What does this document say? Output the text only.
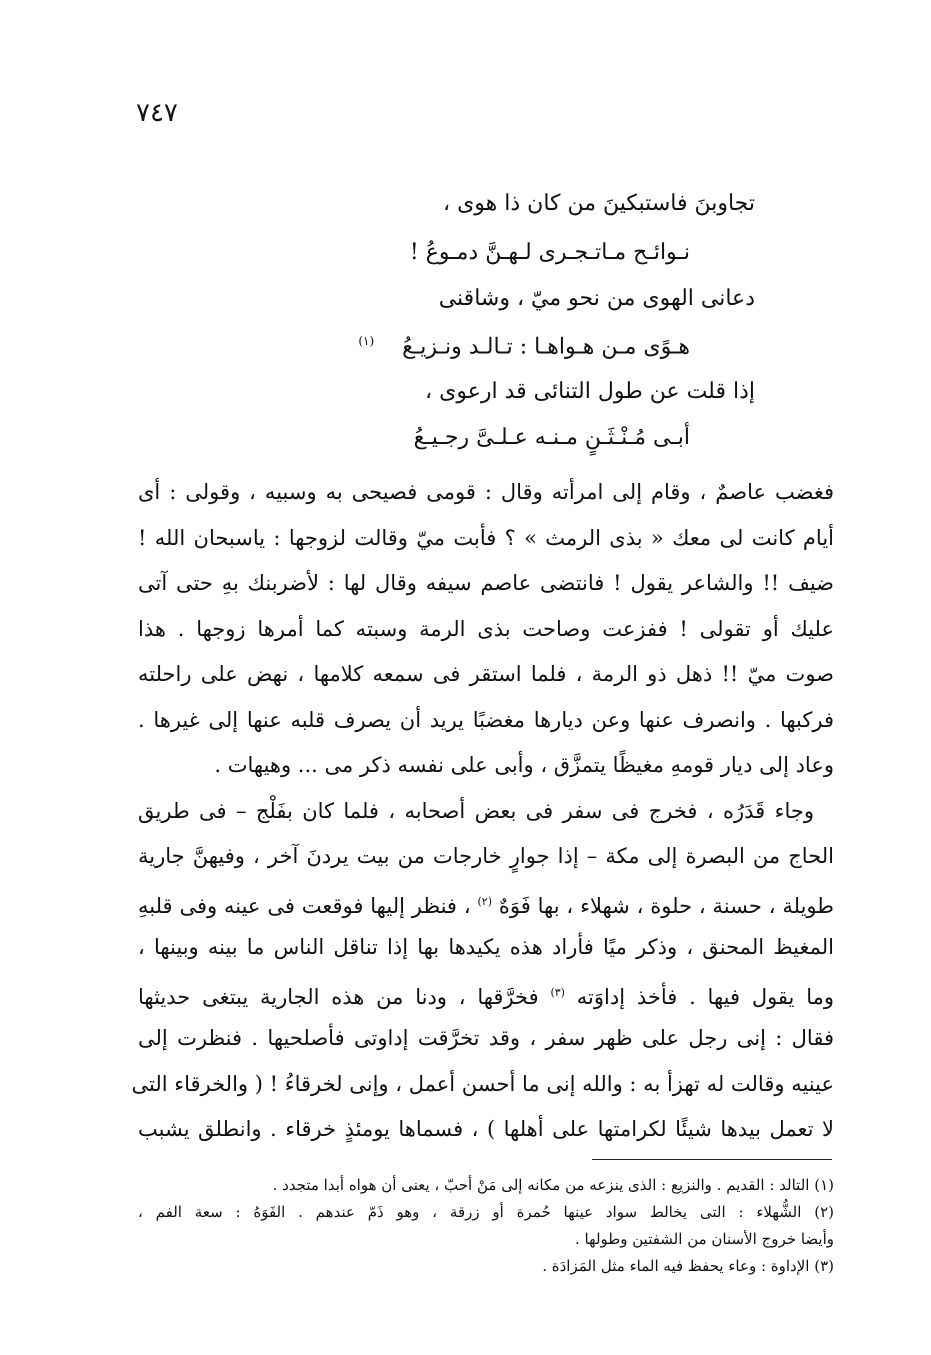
٧٤٧
تجاوبنَ فاستبكينَ من كان ذا هوى ،
نـوائـح مـاتـجـرى لـهـنَّ دمـوعُ !
دعانى الهوى من نحو ميّ ، وشاقنى
هـوًى مـن هـواهـا : تـالـد ونـزيـعُ    $^{(١)}$
إذا قلت عن طول التنائى قد ارعوى ،
أبـى مُـنْـثَـنٍ مـنـه عـلـىَّ رجـيـعُ
فغضب عاصمٌ ، وقام إلى امرأته وقال : قومى فصيحى به وسبيه ، وقولى : أى
أيام كانت لى معك « بذى الرمث » ؟ فأبت ميّ وقالت لزوجها : ياسبحان الله !
ضيف !! والشاعر يقول ! فانتضى عاصم سيفه وقال لها : لأضربنك بهِ حتى آتى
عليك أو تقولى ! ففزعت وصاحت بذى الرمة وسبته كما أمرها زوجها . هذا
صوت ميّ !! ذهل ذو الرمة ، فلما استقر فى سمعه كلامها ، نهض على راحلته
فركبها . وانصرف عنها وعن ديارها مغضبًا يريد أن يصرف قلبه عنها إلى غيرها .
وعاد إلى ديار قومهِ مغيظًا يتمزَّق ، وأبى على نفسه ذكر مى ... وهيهات .
وجاء قَدَرُه ، فخرج فى سفر فى بعض أصحابه ، فلما كان بفَلْج – فى طريق
الحاج من البصرة إلى مكة – إذا جوارٍ خارجات من بيت يردنَ آخر ، وفيهنَّ جارية
طويلة ، حسنة ، حلوة ، شهلاء ، بها فَوَهٌ $^{(٢)}$ ، فنظر إليها فوقعت فى عينه وفى قلبهِ
المغيظ المحنق ، وذكر ميًا فأراد هذه يكيدها بها إذا تناقل الناس ما بينه وبينها ،
وما يقول فيها . فأخذ إداوَته $^{(٣)}$ فخرَّقها ، ودنا من هذه الجارية يبتغى حديثها
فقال : إنى رجل على ظهر سفر ، وقد تخرَّقت إداوتى فأصلحيها . فنظرت إلى
عينيه وقالت له تهزأ به : والله إنى ما أحسن أعمل ، وإنى لخرقاءُ ! ( والخرقاء التى
لا تعمل بيدها شيئًا لكرامتها على أهلها ) ، فسماها يومئذٍ خرقاء . وانطلق يشبب
(١) التالد : القديم . والنزيع : الذى ينزعه من مكانه إلى مَنْ أحبّ ، يعنى أن هواه أبدا متجدد .
(٢) الشُّهلاء : التى يخالط سواد عينها حُمرة أو زرقة ، وهو ذَمّ عندهم . الفَوَهُ : سعة الفم ،
وأيضا خروج الأسنان من الشفتين وطولها .
(٣) الإداوة : وعاء يحفظ فيه الماء مثل المَزادَة .
